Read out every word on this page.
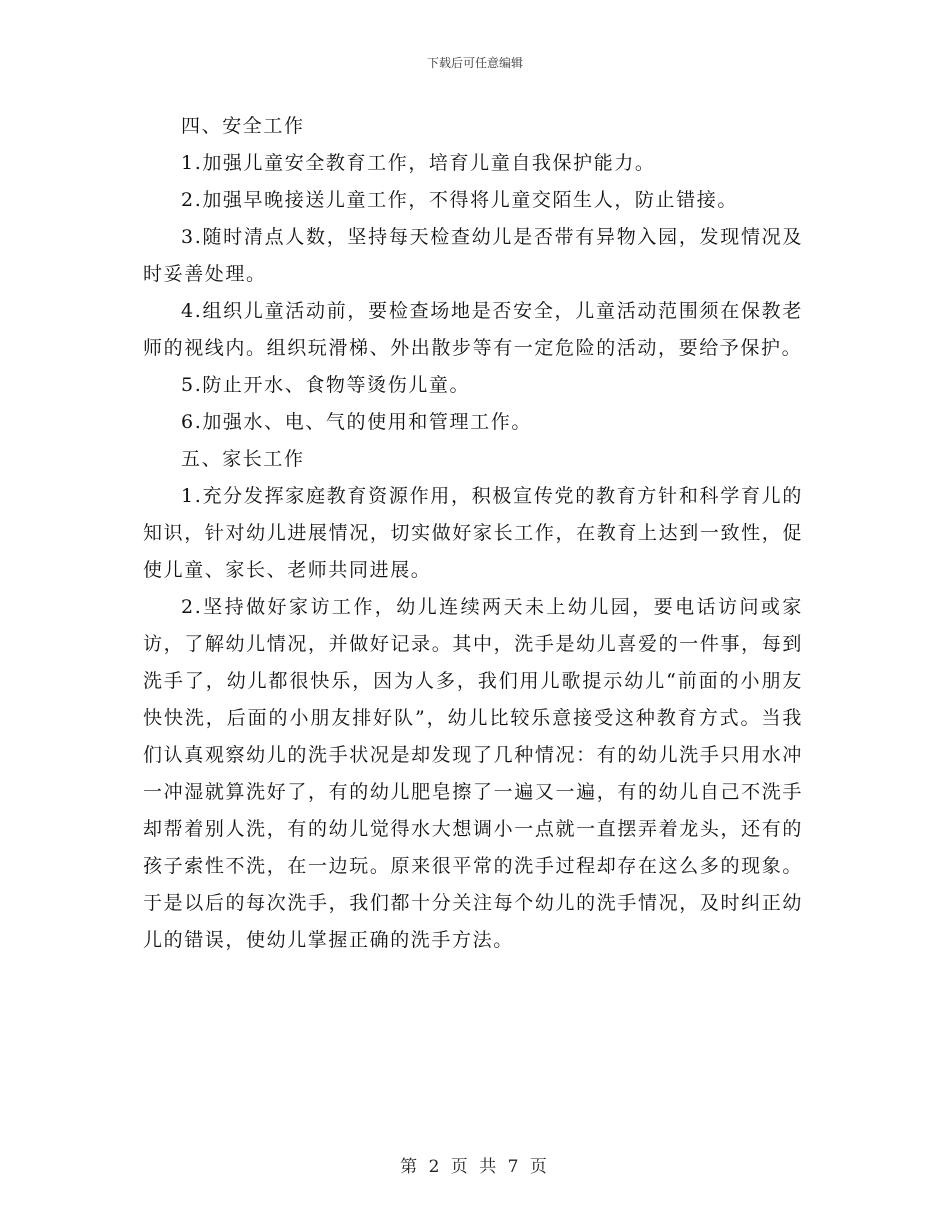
下载后可任意编辑

四、安全工作

1.加强儿童安全教育工作，培育儿童自我保护能力。

2.加强早晚接送儿童工作，不得将儿童交陌生人，防止错接。

3.随时清点人数，坚持每天检查幼儿是否带有异物入园，发现情况及时妥善处理。

4.组织儿童活动前，要检查场地是否安全，儿童活动范围须在保教老师的视线内。组织玩滑梯、外出散步等有一定危险的活动，要给予保护。

5.防止开水、食物等烫伤儿童。

6.加强水、电、气的使用和管理工作。

五、家长工作

1.充分发挥家庭教育资源作用，积极宣传党的教育方针和科学育儿的知识，针对幼儿进展情况，切实做好家长工作，在教育上达到一致性，促使儿童、家长、老师共同进展。

2.坚持做好家访工作，幼儿连续两天未上幼儿园，要电话访问或家访，了解幼儿情况，并做好记录。其中，洗手是幼儿喜爱的一件事，每到洗手了，幼儿都很快乐，因为人多，我们用儿歌提示幼儿“前面的小朋友快快洗，后面的小朋友排好队”，幼儿比较乐意接受这种教育方式。当我们认真观察幼儿的洗手状况是却发现了几种情况：有的幼儿洗手只用水冲一冲湿就算洗好了，有的幼儿肥皂擦了一遍又一遍，有的幼儿自己不洗手却帮着别人洗，有的幼儿觉得水大想调小一点就一直摆弄着龙头，还有的孩子索性不洗，在一边玩。原来很平常的洗手过程却存在这么多的现象。于是以后的每次洗手，我们都十分关注每个幼儿的洗手情况，及时纠正幼儿的错误，使幼儿掌握正确的洗手方法。

第 2 页 共 7 页
